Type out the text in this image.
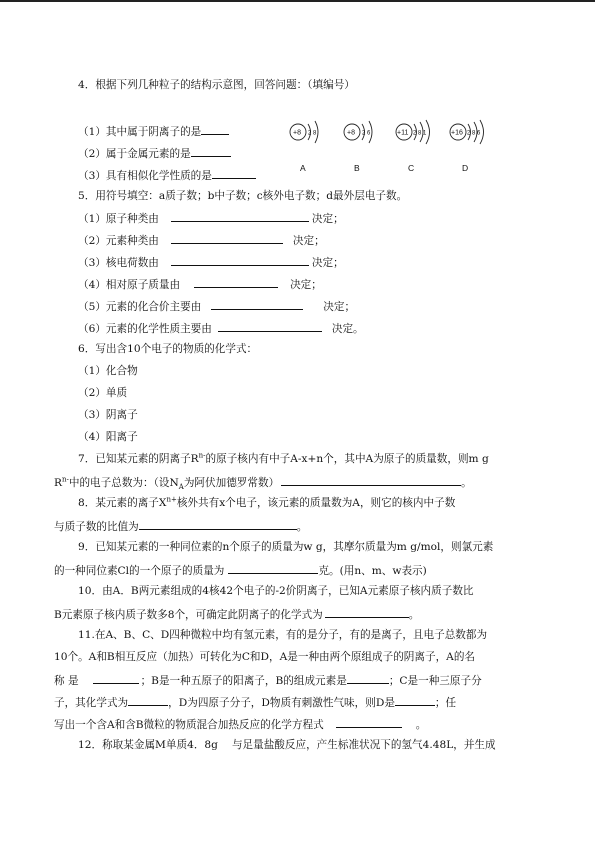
4．根据下列几种粒子的结构示意图，回答问题：（填编号）
（1）其中属于阴离子的是
（2）属于金属元素的是
（3）具有相似化学性质的是
+8 2 8	+8 2 6	+11 2 8 1	+16 2 8 6
A	B	C	D
5．用符号填空：a质子数；b中子数；c核外电子数；d最外层电子数。
（1）原子种类由	决定；
（2）元素种类由	决定；
（3）核电荷数由	决定；
（4）相对原子质量由	决定；
（5）元素的化合价主要由	决定；
（6）元素的化学性质主要由	决定。
6．写出含10个电子的物质的化学式：
（1）化合物
（2）单质
（3）阴离子
（4）阳离子
7．已知某元素的阴离子$R^{n-}$的原子核内有中子A-x+n个，其中A为原子的质量数，则m g
$R^{n-}$中的电子总数为：（设$N_A$为阿伏加德罗常数）	。
8．某元素的离子$X^{n+}$核外共有x个电子，该元素的质量数为A，则它的核内中子数
与质子数的比值为	。
9．已知某元素的一种同位素的n个原子的质量为w g，其摩尔质量为m g/mol，则氯元素
的一种同位素Cl的一个原子的质量为	克。(用n、m、w表示)
10．由A．B两元素组成的4核42个电子的-2价阴离子，已知A元素原子核内质子数比
B元素原子核内质子数多8个，可确定此阴离子的化学式为	。
11.在A、B、C、D四种微粒中均有氢元素，有的是分子，有的是离子，且电子总数都为
10个。A和B相互反应（加热）可转化为C和D，A是一种由两个原组成子的阴离子，A的名
称 是	；B是一种五原子的阳离子，B的组成元素是	；C是一种三原子分
子，其化学式为	，D为四原子分子，D物质有刺激性气味，则D是	；任
写出一个含A和含B微粒的物质混合加热反应的化学方程式	。
12．称取某金属M单质4．8g 与足量盐酸反应，产生标准状况下的氢气4.48L，并生成
